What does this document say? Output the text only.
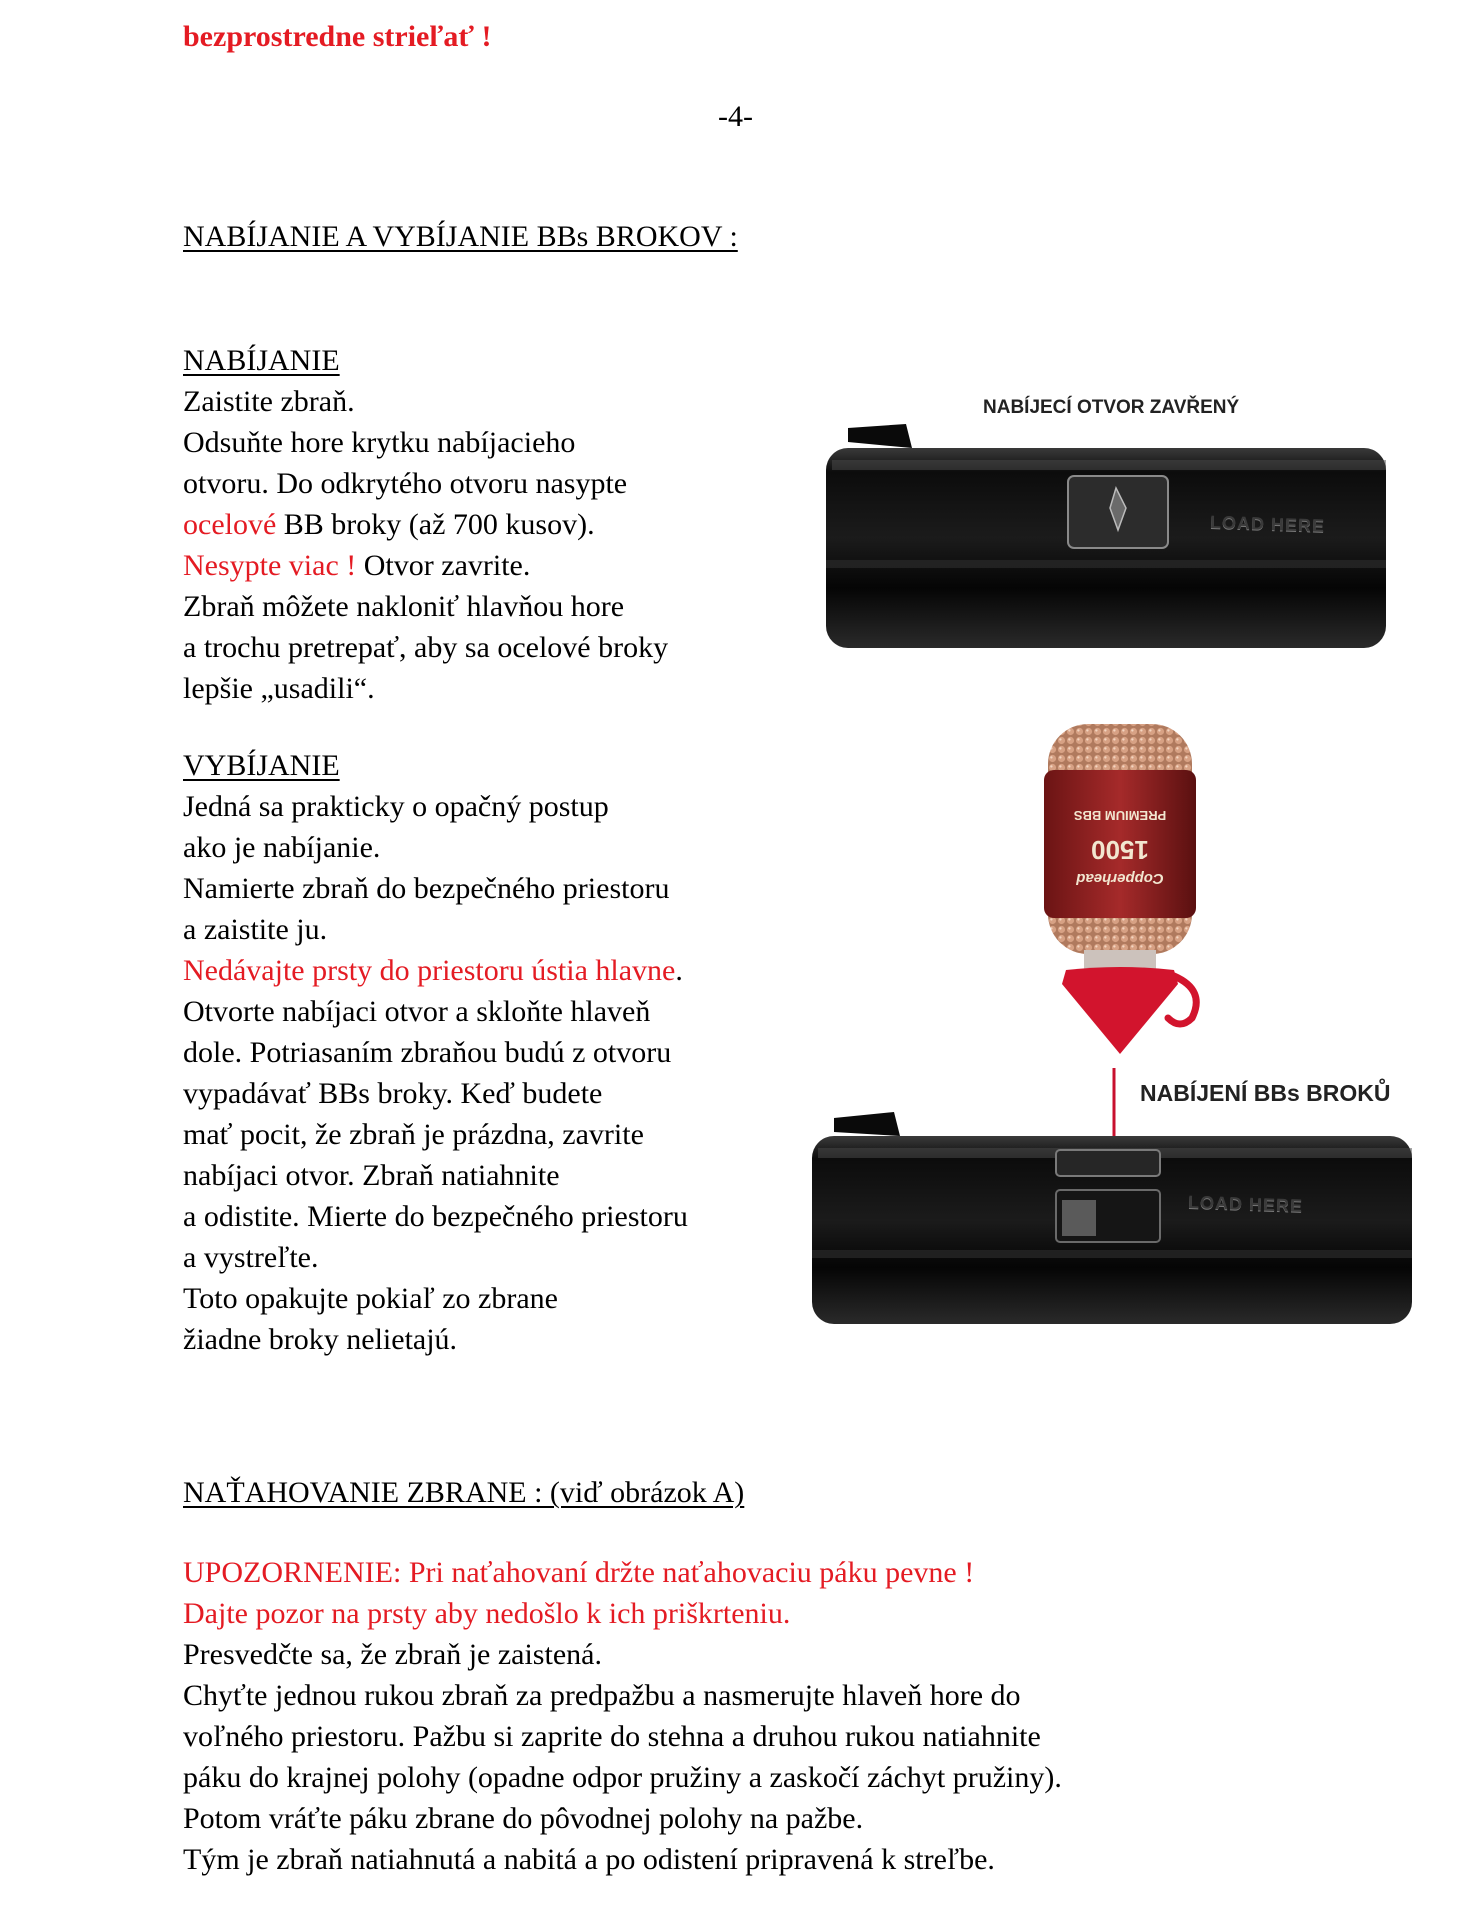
bezprostredne strieľať !
-4-
NABÍJANIE A VYBÍJANIE BBs BROKOV :
NABÍJANIE
Zaistite zbraň.
Odsuňte hore krytku nabíjacieho
otvoru. Do odkrytého otvoru nasypte
ocelové BB broky (až 700 kusov).
Nesypte viac ! Otvor zavrite.
Zbraň môžete nakloniť hlavňou hore
a trochu pretrepať, aby sa ocelové broky
lepšie „usadili“.
VYBÍJANIE
Jedná sa prakticky o opačný postup
ako je nabíjanie.
Namierte zbraň do bezpečného priestoru
a zaistite ju.
Nedávajte prsty do priestoru ústia hlavne.
Otvorte nabíjaci otvor a skloňte hlaveň
dole. Potriasaním zbraňou budú z otvoru
vypadávať BBs broky. Keď budete
mať pocit, že zbraň je prázdna, zavrite
nabíjaci otvor. Zbraň natiahnite
a odistite. Mierte do bezpečného priestoru
a vystreľte.
Toto opakujte pokiaľ zo zbrane
žiadne broky nelietajú.
NAŤAHOVANIE ZBRANE : (viď obrázok A)
UPOZORNENIE: Pri naťahovaní držte naťahovaciu páku pevne !
Dajte pozor na prsty aby nedošlo k ich priškrteniu.
Presvedčte sa, že zbraň je zaistená.
Chyťte jednou rukou zbraň za predpažbu a nasmerujte hlaveň hore do
voľného priestoru. Pažbu si zaprite do stehna a druhou rukou natiahnite
páku do krajnej polohy (opadne odpor pružiny a zaskočí záchyt pružiny).
Potom vráťte páku zbrane do pôvodnej polohy na pažbe.
Tým je zbraň natiahnutá a nabitá a po odistení pripravená k streľbe.
NABÍJECÍ OTVOR ZAVŘENÝ
LOAD HERE
PREMIUM BBS
1500
Copperhead
NABÍJENÍ BBs BROKŮ
LOAD HERE
